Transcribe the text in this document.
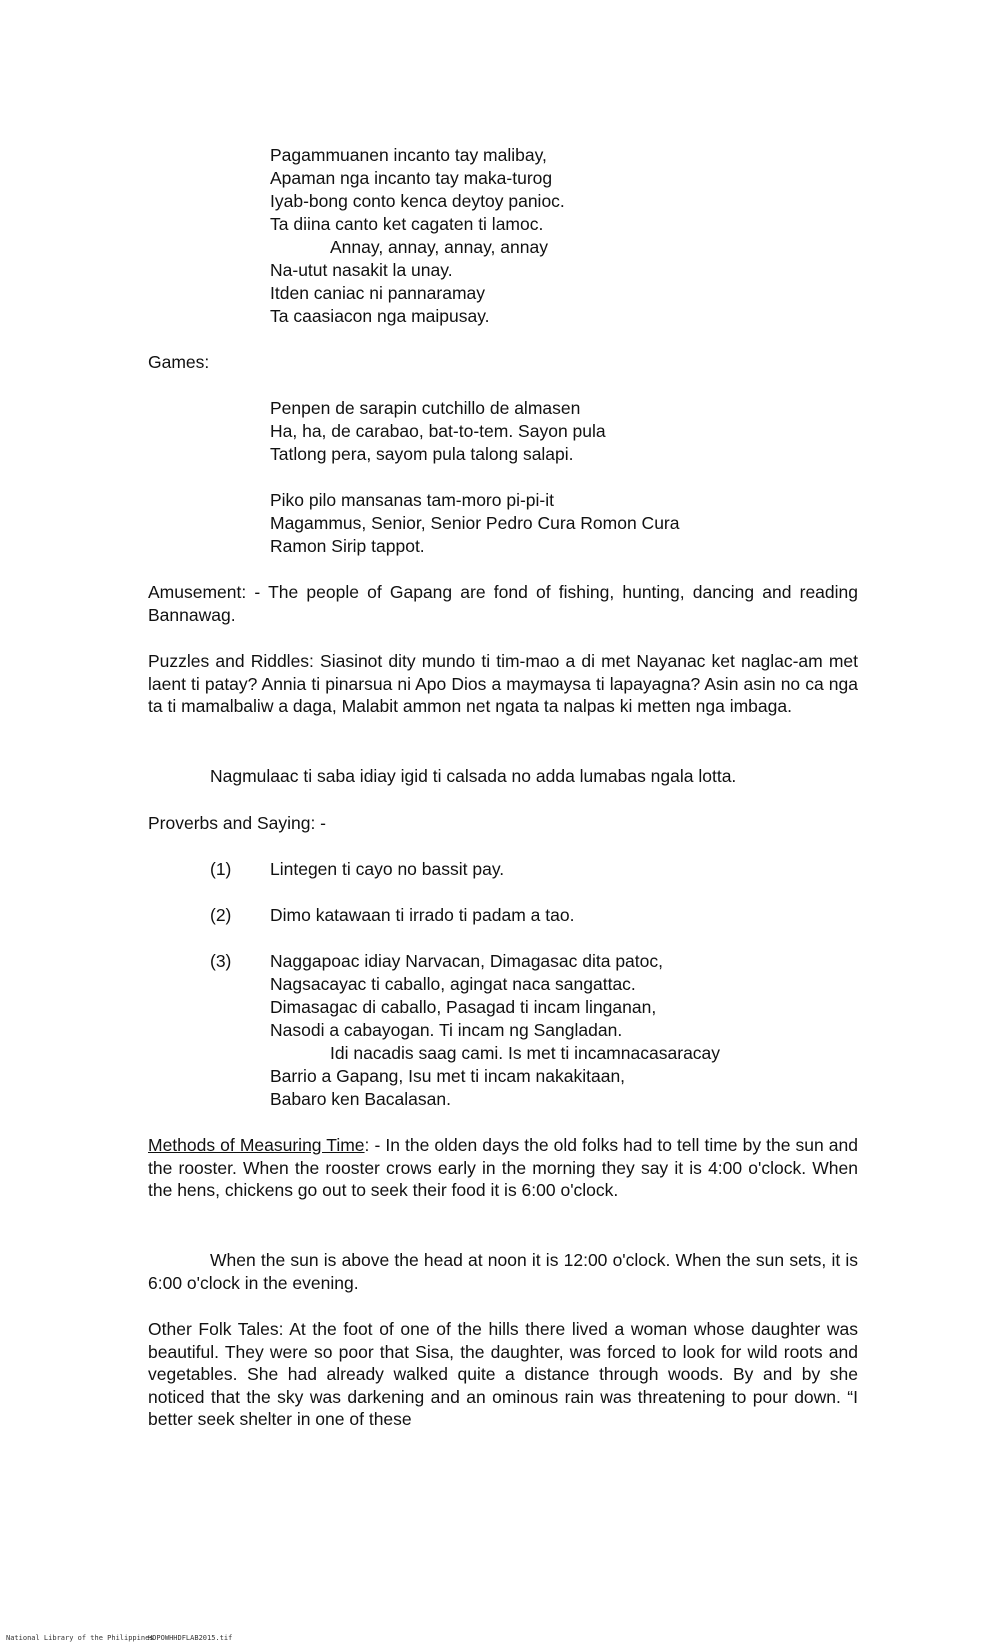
Pagammuanen incanto tay malibay,
Apaman nga incanto tay maka-turog
Iyab-bong conto kenca deytoy panioc.
Ta diina canto ket cagaten ti lamoc.
Annay, annay, annay, annay
Na-utut nasakit la unay.
Itden caniac ni pannaramay
Ta caasiacon nga maipusay.
Games:
Penpen de sarapin cutchillo de almasen
Ha, ha, de carabao, bat-to-tem. Sayon pula
Tatlong pera, sayom pula talong salapi.
Piko pilo mansanas tam-moro pi-pi-it
Magammus, Senior, Senior Pedro Cura Romon Cura
Ramon Sirip tappot.
Amusement: - The people of Gapang are fond of fishing, hunting, dancing and reading Bannawag.
Puzzles and Riddles: Siasinot dity mundo ti tim-mao a di met Nayanac ket naglac-am met laent ti patay? Annia ti pinarsua ni Apo Dios a maymaysa ti lapayagna? Asin asin no ca nga ta ti mamalbaliw a daga, Malabit ammon net ngata ta nalpas ki metten nga imbaga.
Nagmulaac ti saba idiay igid ti calsada no adda lumabas ngala lotta.
Proverbs and Saying: -
(1) Lintegen ti cayo no bassit pay.
(2) Dimo katawaan ti irrado ti padam a tao.
(3) Naggapoac idiay Narvacan, Dimagasac dita patoc,
Nagsacayac ti caballo, agingat naca sangattac.
Dimasagac di caballo, Pasagad ti incam linganan,
Nasodi a cabayogan. Ti incam ng Sangladan.
Idi nacadis saag cami. Is met ti incamnacasaracay
Barrio a Gapang, Isu met ti incam nakakitaan,
Babaro ken Bacalasan.
Methods of Measuring Time: - In the olden days the old folks had to tell time by the sun and the rooster. When the rooster crows early in the morning they say it is 4:00 o'clock. When the hens, chickens go out to seek their food it is 6:00 o'clock.
When the sun is above the head at noon it is 12:00 o'clock. When the sun sets, it is 6:00 o'clock in the evening.
Other Folk Tales: At the foot of one of the hills there lived a woman whose daughter was beautiful. They were so poor that Sisa, the daughter, was forced to look for wild roots and vegetables. She had already walked quite a distance through woods. By and by she noticed that the sky was darkening and an ominous rain was threatening to pour down. “I better seek shelter in one of these
National Library of the Philippines
HDPOWHHDFLAB2015.tif
